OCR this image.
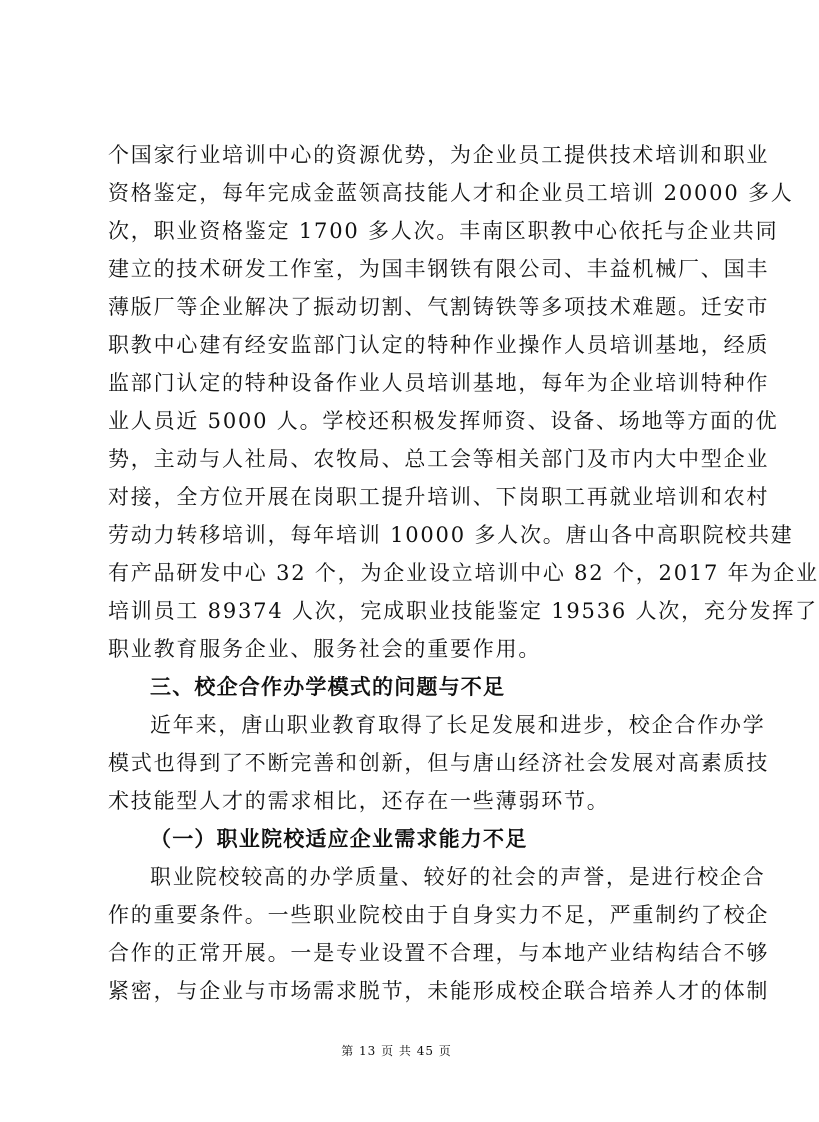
个国家行业培训中心的资源优势，为企业员工提供技术培训和职业
资格鉴定，每年完成金蓝领高技能人才和企业员工培训 20000 多人
次，职业资格鉴定 1700 多人次。丰南区职教中心依托与企业共同
建立的技术研发工作室，为国丰钢铁有限公司、丰益机械厂、国丰
薄版厂等企业解决了振动切割、气割铸铁等多项技术难题。迁安市
职教中心建有经安监部门认定的特种作业操作人员培训基地，经质
监部门认定的特种设备作业人员培训基地，每年为企业培训特种作
业人员近 5000 人。学校还积极发挥师资、设备、场地等方面的优
势，主动与人社局、农牧局、总工会等相关部门及市内大中型企业
对接，全方位开展在岗职工提升培训、下岗职工再就业培训和农村
劳动力转移培训，每年培训 10000 多人次。唐山各中高职院校共建
有产品研发中心 32 个，为企业设立培训中心 82 个，2017 年为企业
培训员工 89374 人次，完成职业技能鉴定 19536 人次，充分发挥了
职业教育服务企业、服务社会的重要作用。
三、校企合作办学模式的问题与不足
近年来，唐山职业教育取得了长足发展和进步，校企合作办学
模式也得到了不断完善和创新，但与唐山经济社会发展对高素质技
术技能型人才的需求相比，还存在一些薄弱环节。
（一）职业院校适应企业需求能力不足
职业院校较高的办学质量、较好的社会的声誉，是进行校企合
作的重要条件。一些职业院校由于自身实力不足，严重制约了校企
合作的正常开展。一是专业设置不合理，与本地产业结构结合不够
紧密，与企业与市场需求脱节，未能形成校企联合培养人才的体制
第 13 页 共 45 页
